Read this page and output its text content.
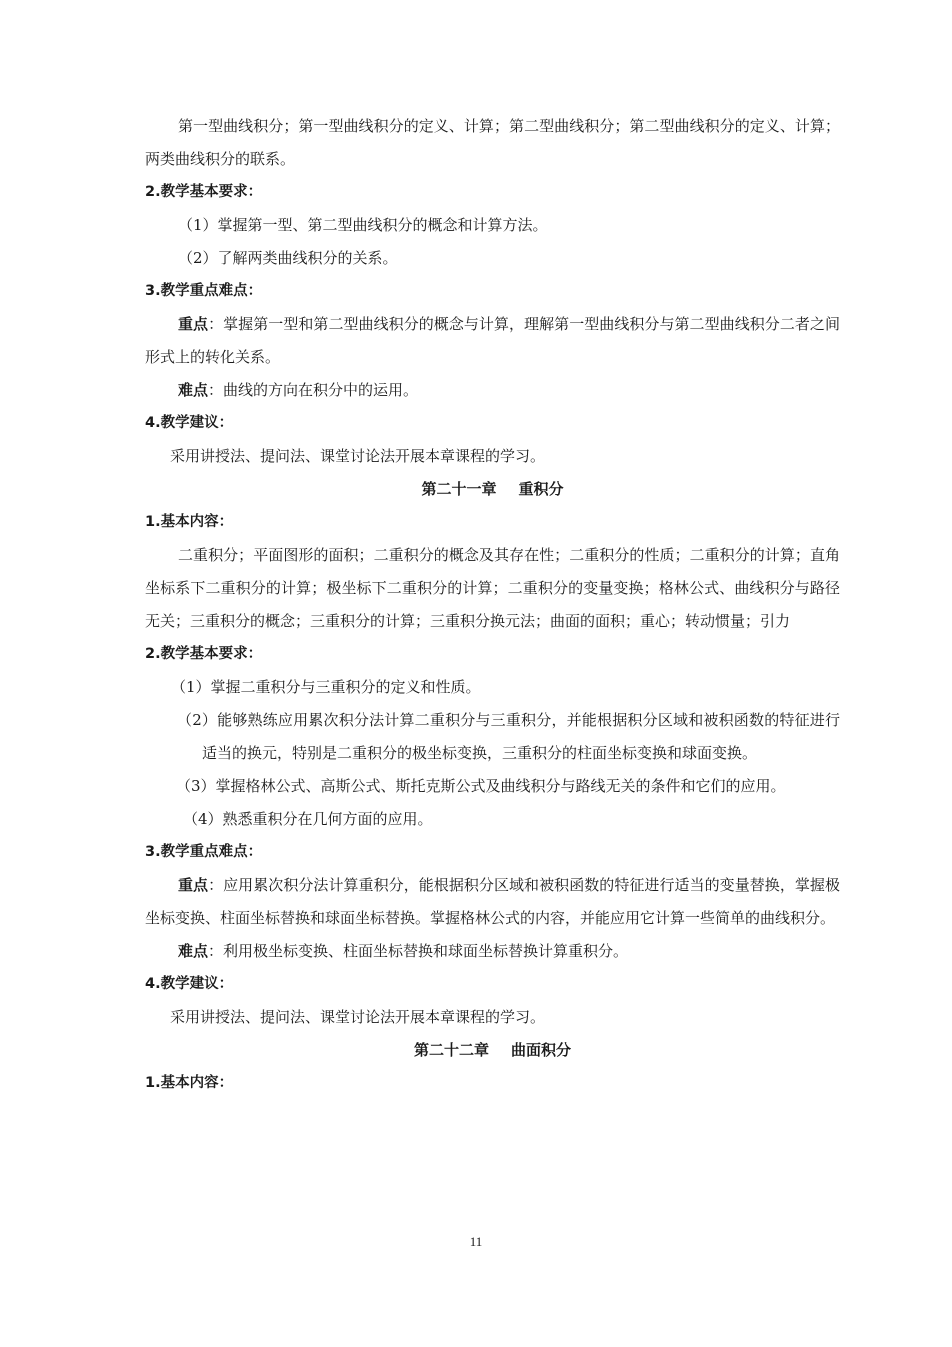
第一型曲线积分；第一型曲线积分的定义、计算；第二型曲线积分；第二型曲线积分的定义、计算；两类曲线积分的联系。

2.教学基本要求：

（1）掌握第一型、第二型曲线积分的概念和计算方法。

（2）了解两类曲线积分的关系。

3.教学重点难点：

重点：掌握第一型和第二型曲线积分的概念与计算，理解第一型曲线积分与第二型曲线积分二者之间形式上的转化关系。

难点：曲线的方向在积分中的运用。

4.教学建议：

采用讲授法、提问法、课堂讨论法开展本章课程的学习。

第二十一章 重积分

1.基本内容：

二重积分；平面图形的面积；二重积分的概念及其存在性；二重积分的性质；二重积分的计算；直角坐标系下二重积分的计算；极坐标下二重积分的计算；二重积分的变量变换；格林公式、曲线积分与路径无关；三重积分的概念；三重积分的计算；三重积分换元法；曲面的面积；重心；转动惯量；引力

2.教学基本要求：

（1）掌握二重积分与三重积分的定义和性质。

（2）能够熟练应用累次积分法计算二重积分与三重积分，并能根据积分区域和被积函数的特征进行适当的换元，特别是二重积分的极坐标变换，三重积分的柱面坐标变换和球面变换。

（3）掌握格林公式、高斯公式、斯托克斯公式及曲线积分与路线无关的条件和它们的应用。

（4）熟悉重积分在几何方面的应用。

3.教学重点难点：

重点：应用累次积分法计算重积分，能根据积分区域和被积函数的特征进行适当的变量替换，掌握极坐标变换、柱面坐标替换和球面坐标替换。掌握格林公式的内容，并能应用它计算一些简单的曲线积分。

难点：利用极坐标变换、柱面坐标替换和球面坐标替换计算重积分。

4.教学建议：

采用讲授法、提问法、课堂讨论法开展本章课程的学习。

第二十二章 曲面积分

1.基本内容：

11
